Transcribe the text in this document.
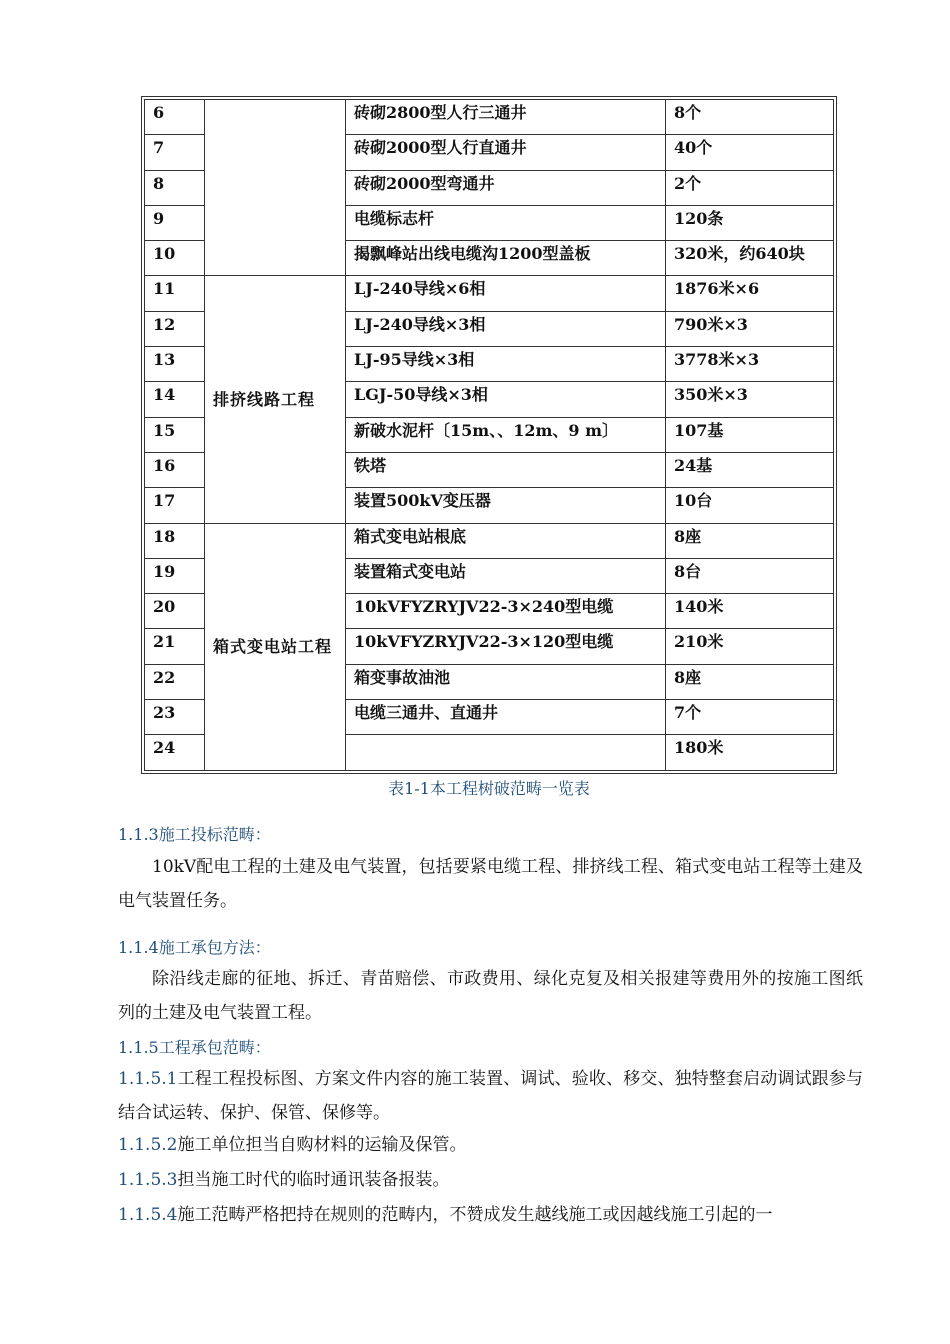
6		砖砌2800型人行三通井	8个
7		砖砌2000型人行直通井	40个
8		砖砌2000型弯通井	2个
9		电缆标志杆	120条
10		揭飘峰站出线电缆沟1200型盖板	320米，约640块
11	排挤线路工程	LJ-240导线×6相	1876米×6
12		LJ-240导线×3相	790米×3
13		LJ-95导线×3相	3778米×3
14		LGJ-50导线×3相	350米×3
15		新破水泥杆〔15m、、12m、9 m〕	107基
16		铁塔	24基
17		装置500kV变压器	10台
18	箱式变电站工程	箱式变电站根底	8座
19		装置箱式变电站	8台
20		10kVFYZRYJV22-3×240型电缆	140米
21		10kVFYZRYJV22-3×120型电缆	210米
22		箱变事故油池	8座
23		电缆三通井、直通井	7个
24			180米
表1-1本工程树破范畴一览表
1.1.3施工投标范畴：
10kV配电工程的土建及电气装置，包括要紧电缆工程、排挤线工程、箱式变电站工程等土建及电气装置任务。
1.1.4施工承包方法：
除沿线走廊的征地、拆迁、青苗赔偿、市政费用、绿化克复及相关报建等费用外的按施工图纸列的土建及电气装置工程。
1.1.5工程承包范畴：
1.1.5.1工程工程投标图、方案文件内容的施工装置、调试、验收、移交、独特整套启动调试跟参与结合试运转、保护、保管、保修等。
1.1.5.2施工单位担当自购材料的运输及保管。
1.1.5.3担当施工时代的临时通讯装备报装。
1.1.5.4施工范畴严格把持在规则的范畴内，不赞成发生越线施工或因越线施工引起的一
